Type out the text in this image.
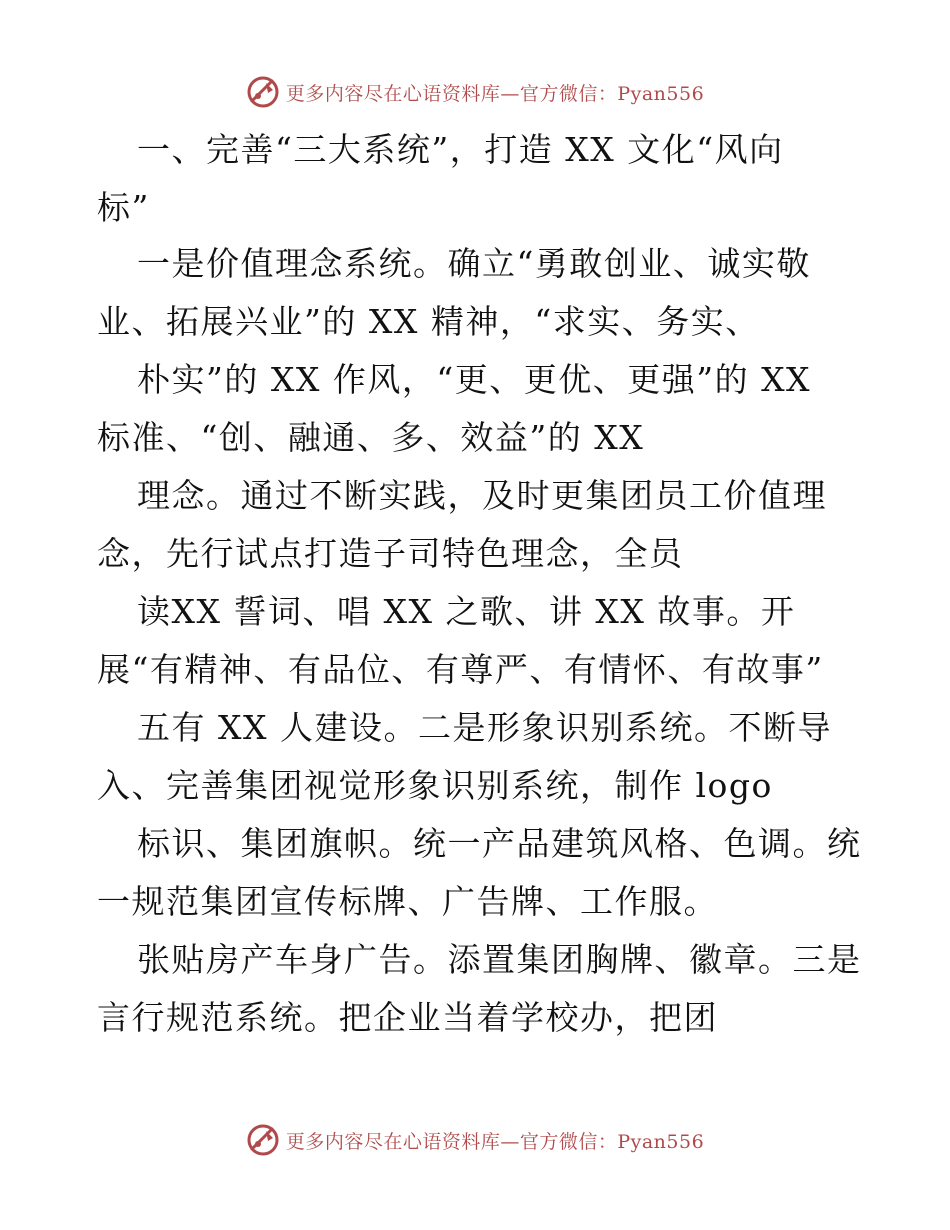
更多内容尽在心语资料库—官方微信：Pyan556
一、完善“三大系统”，打造 XX 文化“风向
标”
一是价值理念系统。确立“勇敢创业、诚实敬
业、拓展兴业”的 XX 精神，“求实、务实、
朴实”的 XX 作风，“更、更优、更强”的 XX
标准、“创、融通、多、效益”的 XX
理念。通过不断实践，及时更集团员工价值理
念，先行试点打造子司特色理念，全员
读XX 誓词、唱 XX 之歌、讲 XX 故事。开
展“有精神、有品位、有尊严、有情怀、有故事”
五有 XX 人建设。二是形象识别系统。不断导
入、完善集团视觉形象识别系统，制作 logo
标识、集团旗帜。统一产品建筑风格、色调。统
一规范集团宣传标牌、广告牌、工作服。
张贴房产车身广告。添置集团胸牌、徽章。三是
言行规范系统。把企业当着学校办，把团
更多内容尽在心语资料库—官方微信：Pyan556
